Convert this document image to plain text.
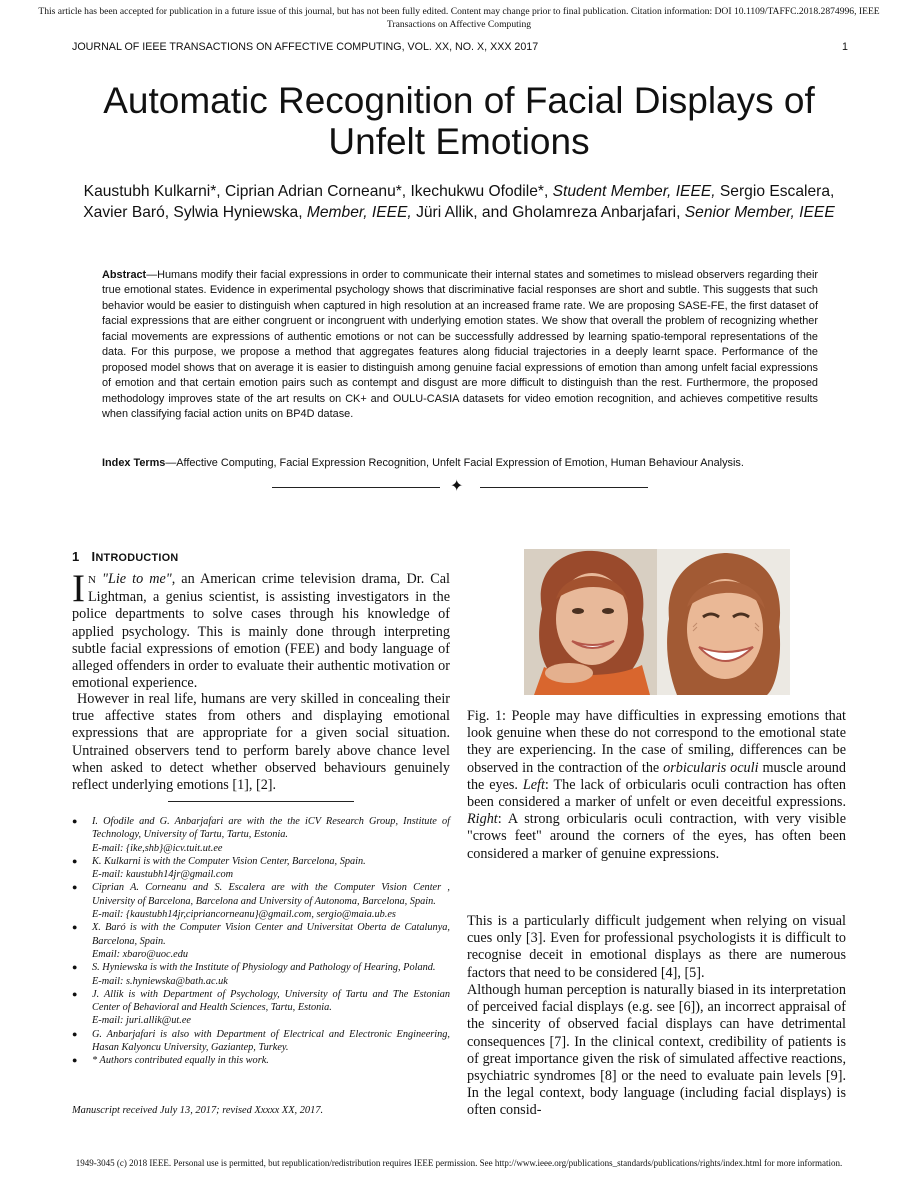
This article has been accepted for publication in a future issue of this journal, but has not been fully edited. Content may change prior to final publication. Citation information: DOI 10.1109/TAFFC.2018.2874996, IEEE Transactions on Affective Computing
JOURNAL OF IEEE TRANSACTIONS ON AFFECTIVE COMPUTING, VOL. XX, NO. X, XXX 2017	1
Automatic Recognition of Facial Displays of
Unfelt Emotions
Kaustubh Kulkarni*, Ciprian Adrian Corneanu*, Ikechukwu Ofodile*, Student Member, IEEE, Sergio Escalera, Xavier Baró, Sylwia Hyniewska, Member, IEEE, Jüri Allik, and Gholamreza Anbarjafari, Senior Member, IEEE
Abstract—Humans modify their facial expressions in order to communicate their internal states and sometimes to mislead observers regarding their true emotional states. Evidence in experimental psychology shows that discriminative facial responses are short and subtle. This suggests that such behavior would be easier to distinguish when captured in high resolution at an increased frame rate. We are proposing SASE-FE, the first dataset of facial expressions that are either congruent or incongruent with underlying emotion states. We show that overall the problem of recognizing whether facial movements are expressions of authentic emotions or not can be successfully addressed by learning spatio-temporal representations of the data. For this purpose, we propose a method that aggregates features along fiducial trajectories in a deeply learnt space. Performance of the proposed model shows that on average it is easier to distinguish among genuine facial expressions of emotion than among unfelt facial expressions of emotion and that certain emotion pairs such as contempt and disgust are more difficult to distinguish than the rest. Furthermore, the proposed methodology improves state of the art results on CK+ and OULU-CASIA datasets for video emotion recognition, and achieves competitive results when classifying facial action units on BP4D datase.
Index Terms—Affective Computing, Facial Expression Recognition, Unfelt Facial Expression of Emotion, Human Behaviour Analysis.
✦
1 INTRODUCTION
I N "Lie to me", an American crime television drama, Dr. Cal Lightman, a genius scientist, is assisting investigators in the police departments to solve cases through his knowledge of applied psychology. This is mainly done through interpreting subtle facial expressions of emotion (FEE) and body language of alleged offenders in order to evaluate their authentic motivation or emotional experience.
However in real life, humans are very skilled in concealing their true affective states from others and displaying emotional expressions that are appropriate for a given social situation. Untrained observers tend to perform barely above chance level when asked to detect whether observed behaviours genuinely reflect underlying emotions [1], [2].
● I. Ofodile and G. Anbarjafari are with the the iCV Research Group, Institute of Technology, University of Tartu, Tartu, Estonia.
E-mail: {ike,shb}@icv.tuit.ut.ee
● K. Kulkarni is with the Computer Vision Center, Barcelona, Spain.
E-mail: kaustubh14jr@gmail.com
● Ciprian A. Corneanu and S. Escalera are with the Computer Vision Center , University of Barcelona, Barcelona and University of Autonoma, Barcelona, Spain.
E-mail: {kaustubh14jr,cipriancorneanu}@gmail.com, sergio@maia.ub.es
● X. Baró is with the Computer Vision Center and Universitat Oberta de Catalunya, Barcelona, Spain.
Email: xbaro@uoc.edu
● S. Hyniewska is with the Institute of Physiology and Pathology of Hearing, Poland.
E-mail: s.hyniewska@bath.ac.uk
● J. Allik is with Department of Psychology, University of Tartu and The Estonian Center of Behavioral and Health Sciences, Tartu, Estonia.
E-mail: juri.allik@ut.ee
● G. Anbarjafari is also with Department of Electrical and Electronic Engineering, Hasan Kalyoncu University, Gaziantep, Turkey.
● * Authors contributed equally in this work.
Manuscript received July 13, 2017; revised Xxxxx XX, 2017.
Fig. 1: People may have difficulties in expressing emotions that look genuine when these do not correspond to the emotional state they are experiencing. In the case of smiling, differences can be observed in the contraction of the orbicularis oculi muscle around the eyes. Left: The lack of orbicularis oculi contraction has often been considered a marker of unfelt or even deceitful expressions. Right: A strong orbicularis oculi contraction, with very visible "crows feet" around the corners of the eyes, has often been considered a marker of genuine expressions.
This is a particularly difficult judgement when relying on visual cues only [3]. Even for professional psychologists it is difficult to recognise deceit in emotional displays as there are numerous factors that need to be considered [4], [5].
Although human perception is naturally biased in its interpretation of perceived facial displays (e.g. see [6]), an incorrect appraisal of the sincerity of observed facial displays can have detrimental consequences [7]. In the clinical context, credibility of patients is of great importance given the risk of simulated affective reactions, psychiatric syndromes [8] or the need to evaluate pain levels [9]. In the legal context, body language (including facial displays) is often consid-
1949-3045 (c) 2018 IEEE. Personal use is permitted, but republication/redistribution requires IEEE permission. See http://www.ieee.org/publications_standards/publications/rights/index.html for more information.
